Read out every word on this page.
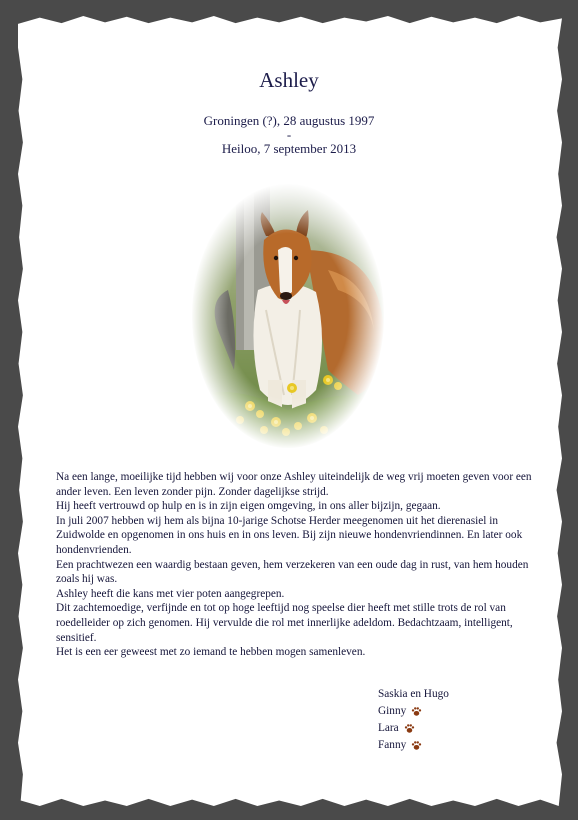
Ashley
Groningen (?), 28 augustus 1997
-
Heiloo, 7 september 2013

Na een lange, moeilijke tijd hebben wij voor onze Ashley uiteindelijk de weg vrij moeten geven voor een ander leven. Een leven zonder pijn. Zonder dagelijkse strijd.

Hij heeft vertrouwd op hulp en is in zijn eigen omgeving, in ons aller bijzijn, gegaan.

In juli 2007 hebben wij hem als bijna 10-jarige Schotse Herder meegenomen uit het dierenasiel in Zuidwolde en opgenomen in ons huis en in ons leven. Bij zijn nieuwe hondenvriendinnen. En later ook hondenvrienden.

Een prachtwezen een waardig bestaan geven, hem verzekeren van een oude dag in rust, van hem houden zoals hij was.

Ashley heeft die kans met vier poten aangegrepen.

Dit zachtemoedige, verfijnde en tot op hoge leeftijd nog speelse dier heeft met stille trots de rol van roedelleider op zich genomen. Hij vervulde die rol met innerlijke adeldom. Bedachtzaam, intelligent, sensitief.

Het is een eer geweest met zo iemand te hebben mogen samenleven.

Saskia en Hugo
Ginny
Lara
Fanny
